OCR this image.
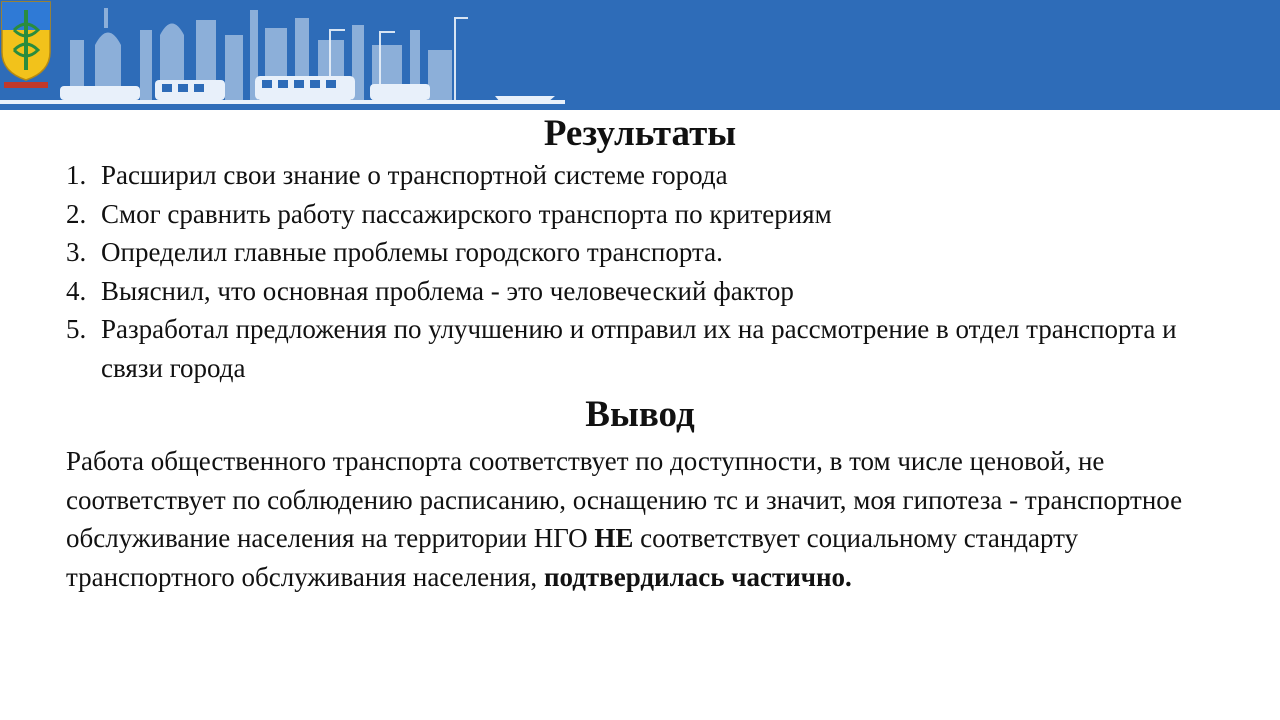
Результаты
1. Расширил свои знание о транспортной системе города
2. Смог сравнить работу пассажирского транспорта по критериям
3. Определил главные проблемы городского транспорта.
4. Выяснил, что основная проблема - это человеческий фактор
5. Разработал предложения по улучшению и отправил их на рассмотрение в отдел транспорта и связи города
Вывод

Работа общественного транспорта соответствует по доступности, в том числе ценовой, не соответствует по соблюдению расписанию, оснащению тс и значит, моя гипотеза - транспортное обслуживание населения на территории НГО НЕ соответствует социальному стандарту транспортного обслуживания населения, подтвердилась частично.
